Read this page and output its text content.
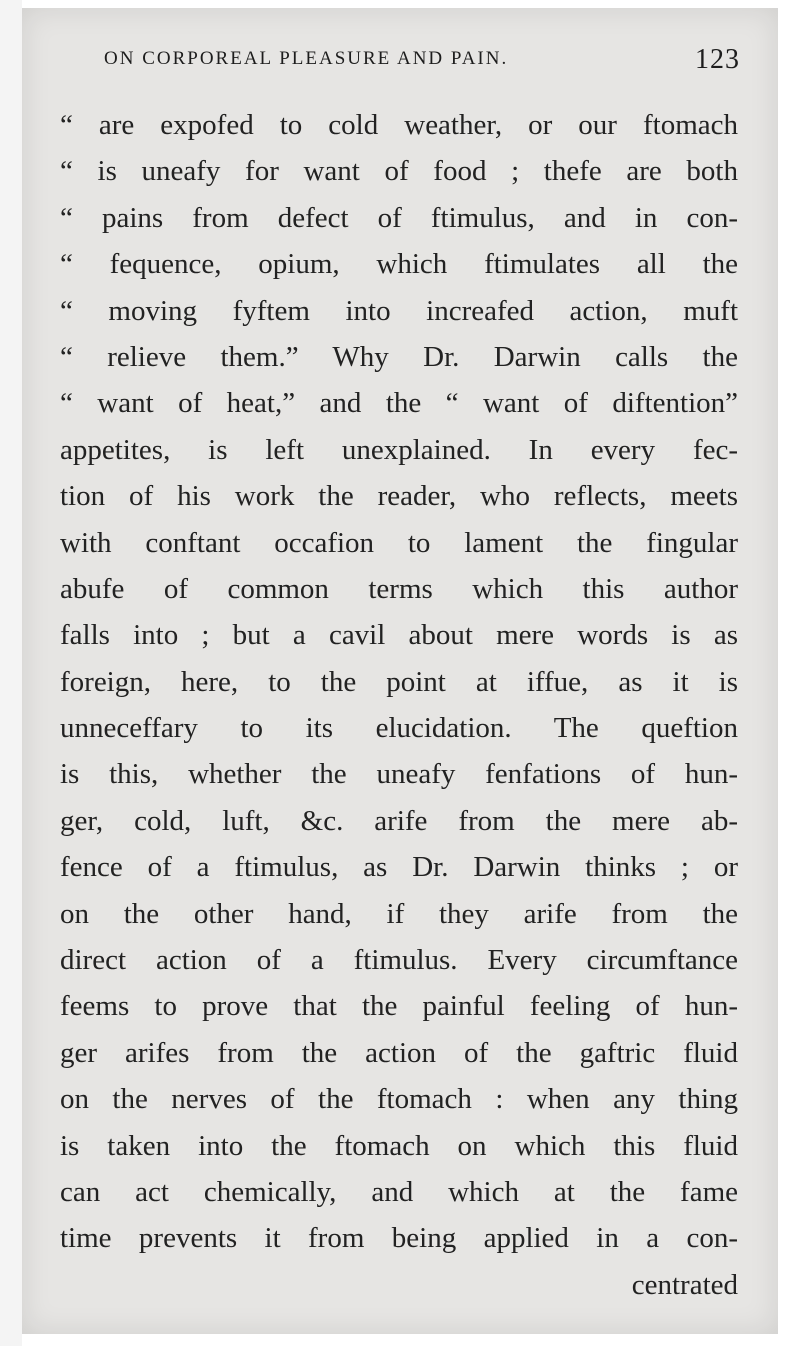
ON CORPOREAL PLEASURE AND PAIN.	123
“ are expofed to cold weather, or our ftomach
“ is uneafy for want of food ; thefe are both
“ pains from defect of ftimulus, and in con-
“ fequence, opium, which ftimulates all the
“ moving fyftem into increafed action, muft
“ relieve them.” Why Dr. Darwin calls the
“ want of heat,” and the “ want of diftention”
appetites, is left unexplained. In every fec-
tion of his work the reader, who reflects, meets
with conftant occafion to lament the fingular
abufe of common terms which this author
falls into ; but a cavil about mere words is as
foreign, here, to the point at iffue, as it is
unneceffary to its elucidation. The queftion
is this, whether the uneafy fenfations of hun-
ger, cold, luft, &c. arife from the mere ab-
fence of a ftimulus, as Dr. Darwin thinks ; or
on the other hand, if they arife from the
direct action of a ftimulus. Every circumftance
feems to prove that the painful feeling of hun-
ger arifes from the action of the gaftric fluid
on the nerves of the ftomach : when any thing
is taken into the ftomach on which this fluid
can act chemically, and which at the fame
time prevents it from being applied in a con-
centrated
